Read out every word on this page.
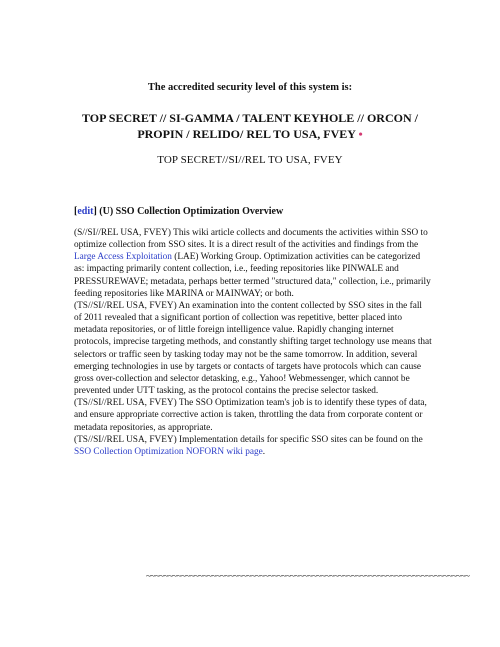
The accredited security level of this system is:
TOP SECRET // SI-GAMMA / TALENT KEYHOLE // ORCON / PROPIN / RELIDO/ REL TO USA, FVEY •
TOP SECRET//SI//REL TO USA, FVEY
[edit] (U) SSO Collection Optimization Overview

(S//SI//REL USA, FVEY) This wiki article collects and documents the activities within SSO to optimize collection from SSO sites. It is a direct result of the activities and findings from the Large Access Exploitation (LAE) Working Group. Optimization activities can be categorized as: impacting primarily content collection, i.e., feeding repositories like PINWALE and PRESSUREWAVE; metadata, perhaps better termed "structured data," collection, i.e., primarily feeding repositories like MARINA or MAINWAY; or both.

(TS//SI//REL USA, FVEY) An examination into the content collected by SSO sites in the fall of 2011 revealed that a significant portion of collection was repetitive, better placed into metadata repositories, or of little foreign intelligence value. Rapidly changing internet protocols, imprecise targeting methods, and constantly shifting target technology use means that selectors or traffic seen by tasking today may not be the same tomorrow. In addition, several emerging technologies in use by targets or contacts of targets have protocols which can cause gross over-collection and selector detasking, e.g., Yahoo! Webmessenger, which cannot be prevented under UTT tasking, as the protocol contains the precise selector tasked.

(TS//SI//REL USA, FVEY) The SSO Optimization team's job is to identify these types of data, and ensure appropriate corrective action is taken, throttling the data from corporate content or metadata repositories, as appropriate.

(TS//SI//REL USA, FVEY) Implementation details for specific SSO sites can be found on the SSO Collection Optimization NOFORN wiki page.

~~~~~~~~~~~~~~~~~~~~~~~~~~~~~~~~~~~~~~~~~~~~~~~~~~~~~~~~~~~~~~~~~~~~~~~~~~
